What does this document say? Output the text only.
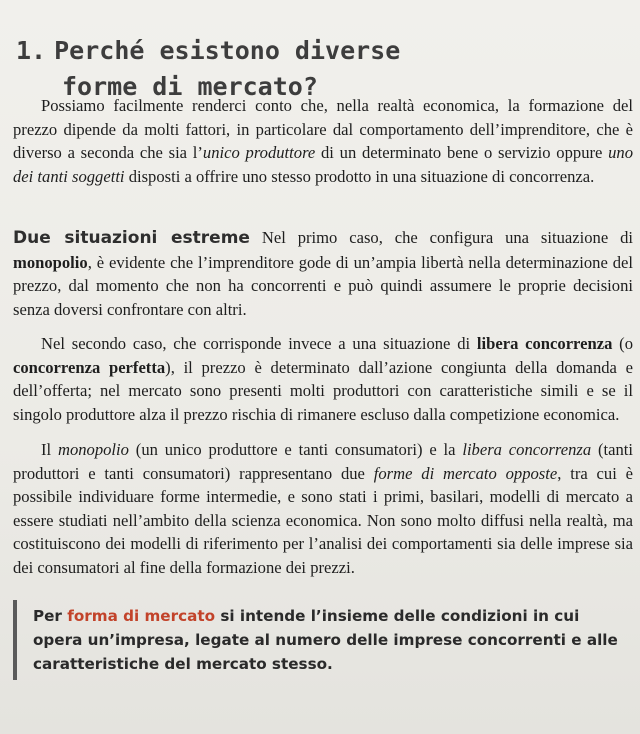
1. Perché esistono diverse
forme di mercato?

Possiamo facilmente renderci conto che, nella realtà economica, la formazione del prezzo dipende da molti fattori, in particolare dal comportamento dell’imprenditore, che è diverso a seconda che sia l’unico produttore di un determinato bene o servizio oppure uno dei tanti soggetti disposti a offrire uno stesso prodotto in una situazione di concorrenza.

Due situazioni estreme Nel primo caso, che configura una situazione di monopolio, è evidente che l’imprenditore gode di un’ampia libertà nella determinazione del prezzo, dal momento che non ha concorrenti e può quindi assumere le proprie decisioni senza doversi confrontare con altri.

Nel secondo caso, che corrisponde invece a una situazione di libera concorrenza (o concorrenza perfetta), il prezzo è determinato dall’azione congiunta della domanda e dell’offerta; nel mercato sono presenti molti produttori con caratteristiche simili e se il singolo produttore alza il prezzo rischia di rimanere escluso dalla competizione economica.

Il monopolio (un unico produttore e tanti consumatori) e la libera concorrenza (tanti produttori e tanti consumatori) rappresentano due forme di mercato opposte, tra cui è possibile individuare forme intermedie, e sono stati i primi, basilari, modelli di mercato a essere studiati nell’ambito della scienza economica. Non sono molto diffusi nella realtà, ma costituiscono dei modelli di riferimento per l’analisi dei comportamenti sia delle imprese sia dei consumatori al fine della formazione dei prezzi.

Per forma di mercato si intende l’insieme delle condizioni in cui opera un’impresa, legate al numero delle imprese concorrenti e alle caratteristiche del mercato stesso.
